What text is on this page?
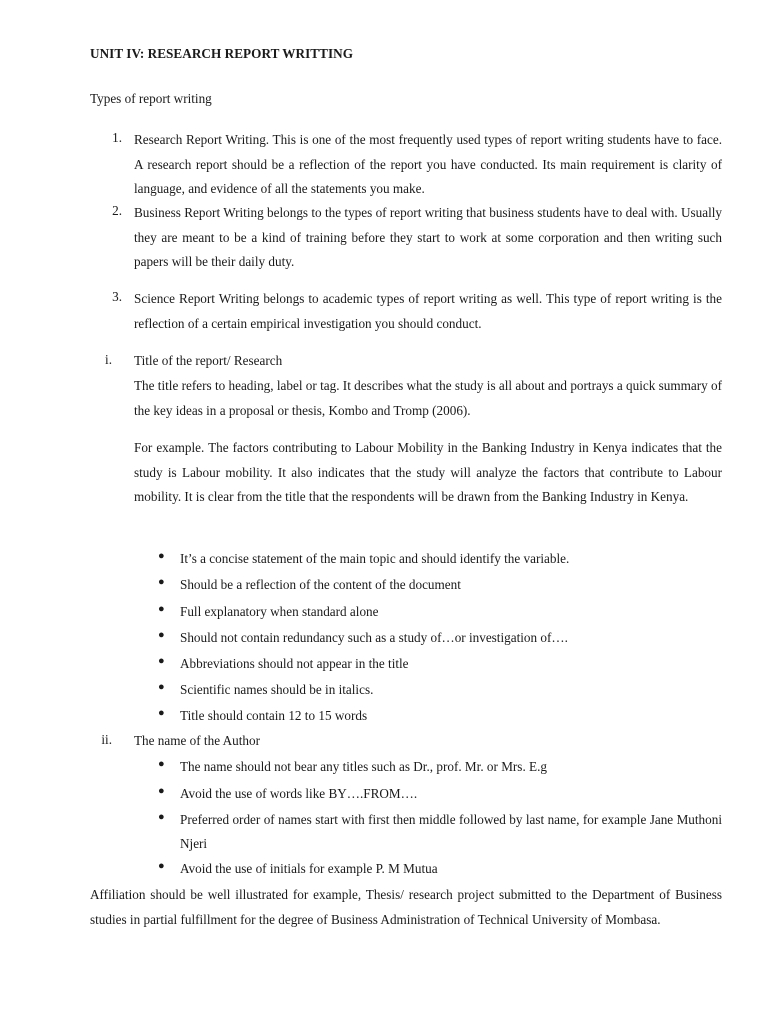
UNIT IV: RESEARCH REPORT WRITTING
Types of report writing
1. Research Report Writing. This is one of the most frequently used types of report writing students have to face. A research report should be a reflection of the report you have conducted. Its main requirement is clarity of language, and evidence of all the statements you make.
2. Business Report Writing belongs to the types of report writing that business students have to deal with. Usually they are meant to be a kind of training before they start to work at some corporation and then writing such papers will be their daily duty.
3. Science Report Writing belongs to academic types of report writing as well. This type of report writing is the reflection of a certain empirical investigation you should conduct.
i. Title of the report/ Research
The title refers to heading, label or tag. It describes what the study is all about and portrays a quick summary of the key ideas in a proposal or thesis, Kombo and Tromp (2006).
For example. The factors contributing to Labour Mobility in the Banking Industry in Kenya indicates that the study is Labour mobility. It also indicates that the study will analyze the factors that contribute to Labour mobility. It is clear from the title that the respondents will be drawn from the Banking Industry in Kenya.
● It’s a concise statement of the main topic and should identify the variable.
● Should be a reflection of the content of the document
● Full explanatory when standard alone
● Should not contain redundancy such as a study of…or investigation of….
● Abbreviations should not appear in the title
● Scientific names should be in italics.
● Title should contain 12 to 15 words
ii. The name of the Author
● The name should not bear any titles such as Dr., prof. Mr. or Mrs. E.g
● Avoid the use of words like BY….FROM….
● Preferred order of names start with first then middle followed by last name, for example Jane Muthoni Njeri
● Avoid the use of initials for example P. M Mutua
Affiliation should be well illustrated for example, Thesis/ research project submitted to the Department of Business studies in partial fulfillment for the degree of Business Administration of Technical University of Mombasa.
